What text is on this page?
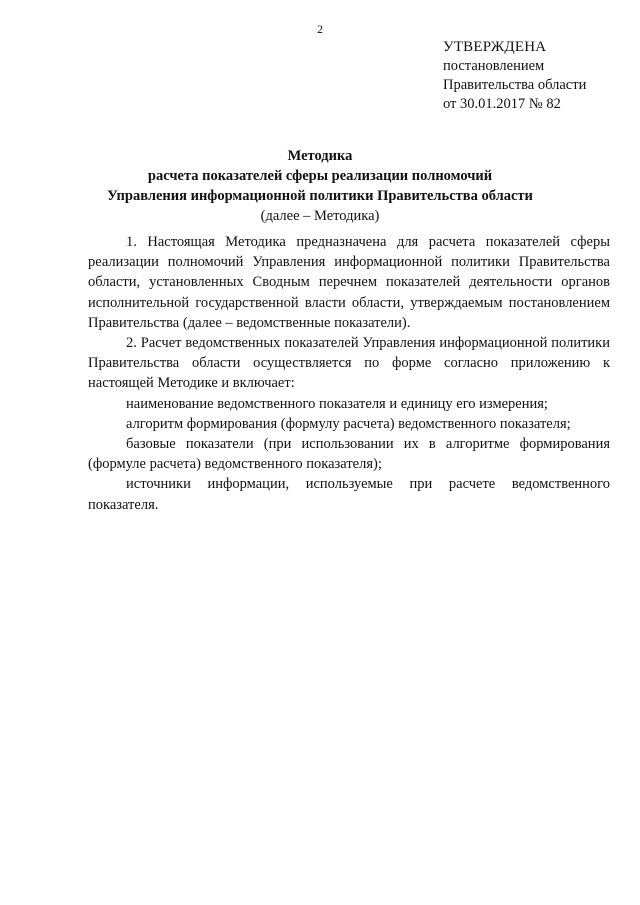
2
УТВЕРЖДЕНА
постановлением
Правительства области
от 30.01.2017 № 82
Методика
расчета показателей сферы реализации полномочий
Управления информационной политики Правительства области
(далее – Методика)

1. Настоящая Методика предназначена для расчета показателей сферы реализации полномочий Управления информационной политики Правительства области, установленных Сводным перечнем показателей деятельности органов исполнительной государственной власти области, утверждаемым постановлением Правительства (далее – ведомственные показатели).

2. Расчет ведомственных показателей Управления информационной политики Правительства области осуществляется по форме согласно приложению к настоящей Методике и включает:

наименование ведомственного показателя и единицу его измерения;

алгоритм формирования (формулу расчета) ведомственного показателя;

базовые показатели (при использовании их в алгоритме формирования (формуле расчета) ведомственного показателя);

источники информации, используемые при расчете ведомственного показателя.
